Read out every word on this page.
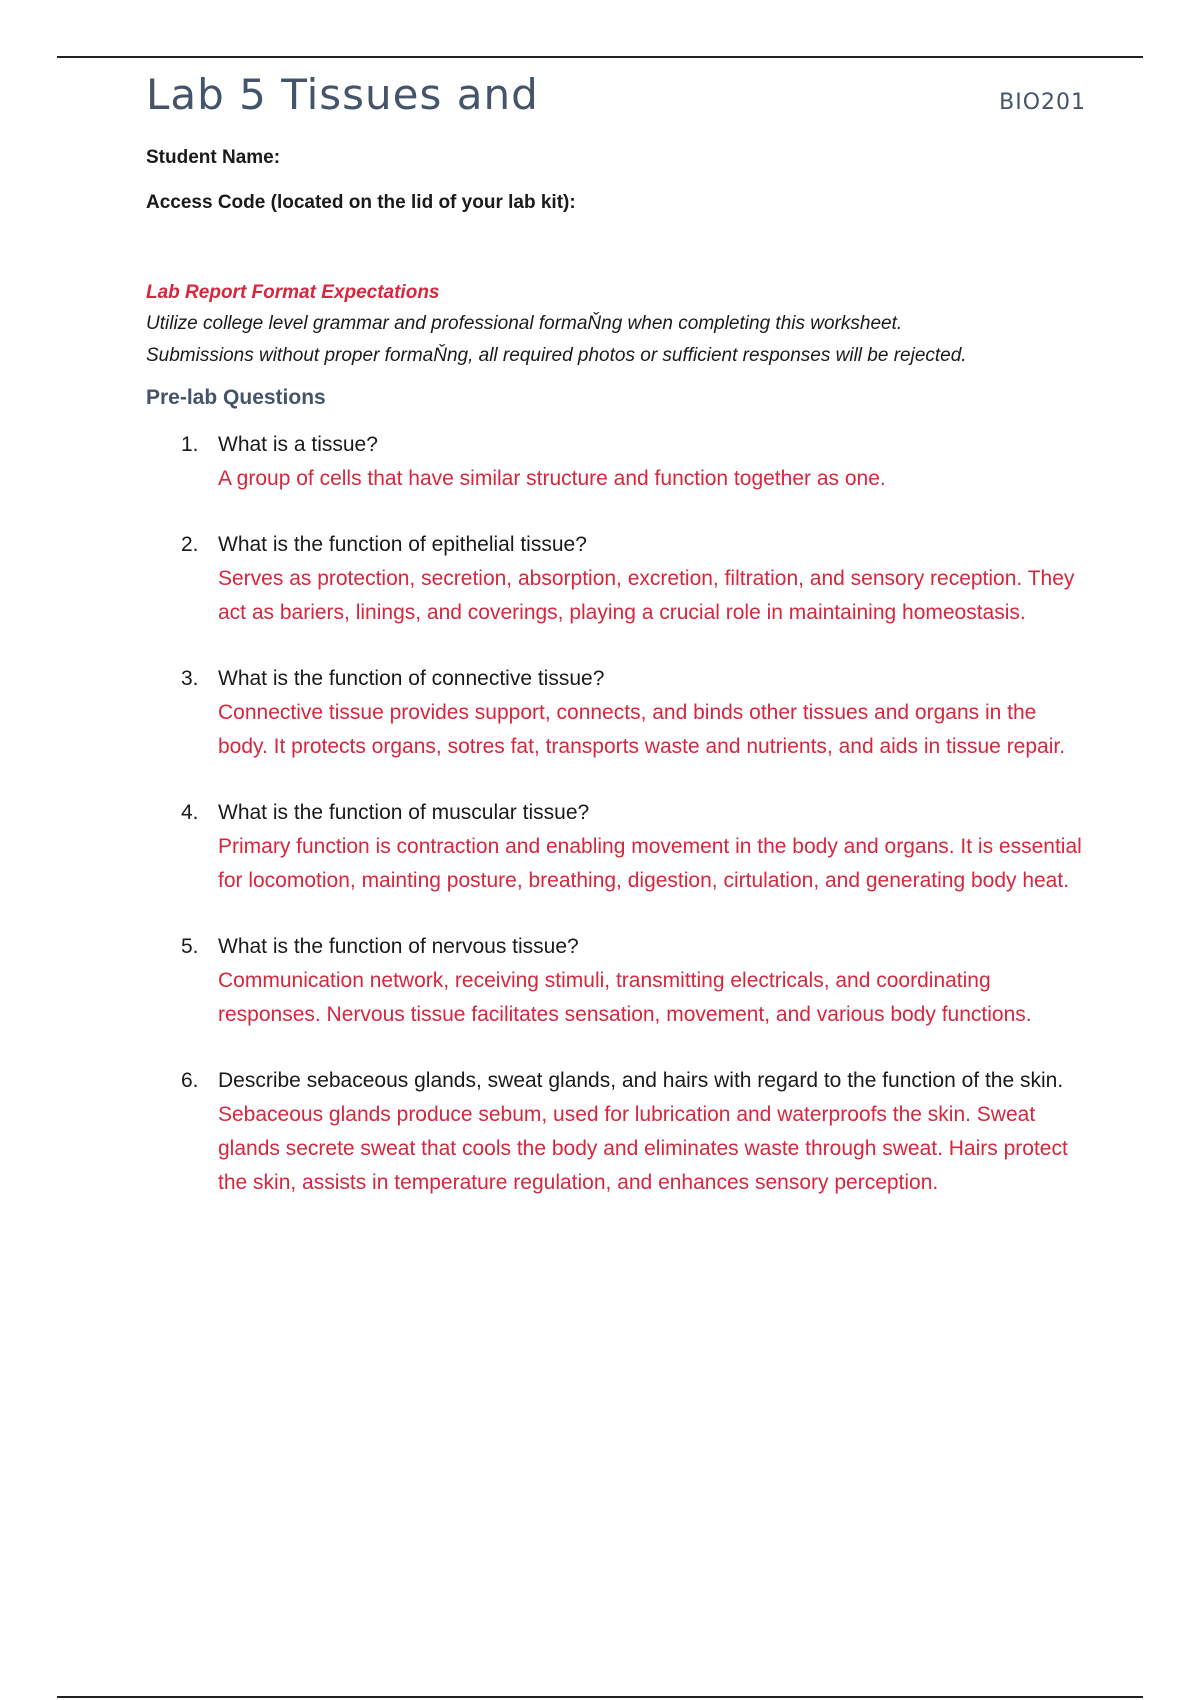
Lab 5 Tissues and	BIO201

Student Name:

Access Code (located on the lid of your lab kit):

Lab Report Format Expectations
Utilize college level grammar and professional formaŇng when completing this worksheet.
Submissions without proper formaŇng, all required photos or sufficient responses will be rejected.
Pre-lab Questions
1. What is a tissue?
A group of cells that have similar structure and function together as one.
2. What is the function of epithelial tissue?
Serves as protection, secretion, absorption, excretion, filtration, and sensory reception. They act as bariers, linings, and coverings, playing a crucial role in maintaining homeostasis.
3. What is the function of connective tissue?
Connective tissue provides support, connects, and binds other tissues and organs in the body. It protects organs, sotres fat, transports waste and nutrients, and aids in tissue repair.
4. What is the function of muscular tissue?
Primary function is contraction and enabling movement in the body and organs. It is essential for locomotion, mainting posture, breathing, digestion, cirtulation, and generating body heat.
5. What is the function of nervous tissue?
Communication network, receiving stimuli, transmitting electricals, and coordinating responses. Nervous tissue facilitates sensation, movement, and various body functions.
6. Describe sebaceous glands, sweat glands, and hairs with regard to the function of the skin.
Sebaceous glands produce sebum, used for lubrication and waterproofs the skin. Sweat glands secrete sweat that cools the body and eliminates waste through sweat. Hairs protect the skin, assists in temperature regulation, and enhances sensory perception.
